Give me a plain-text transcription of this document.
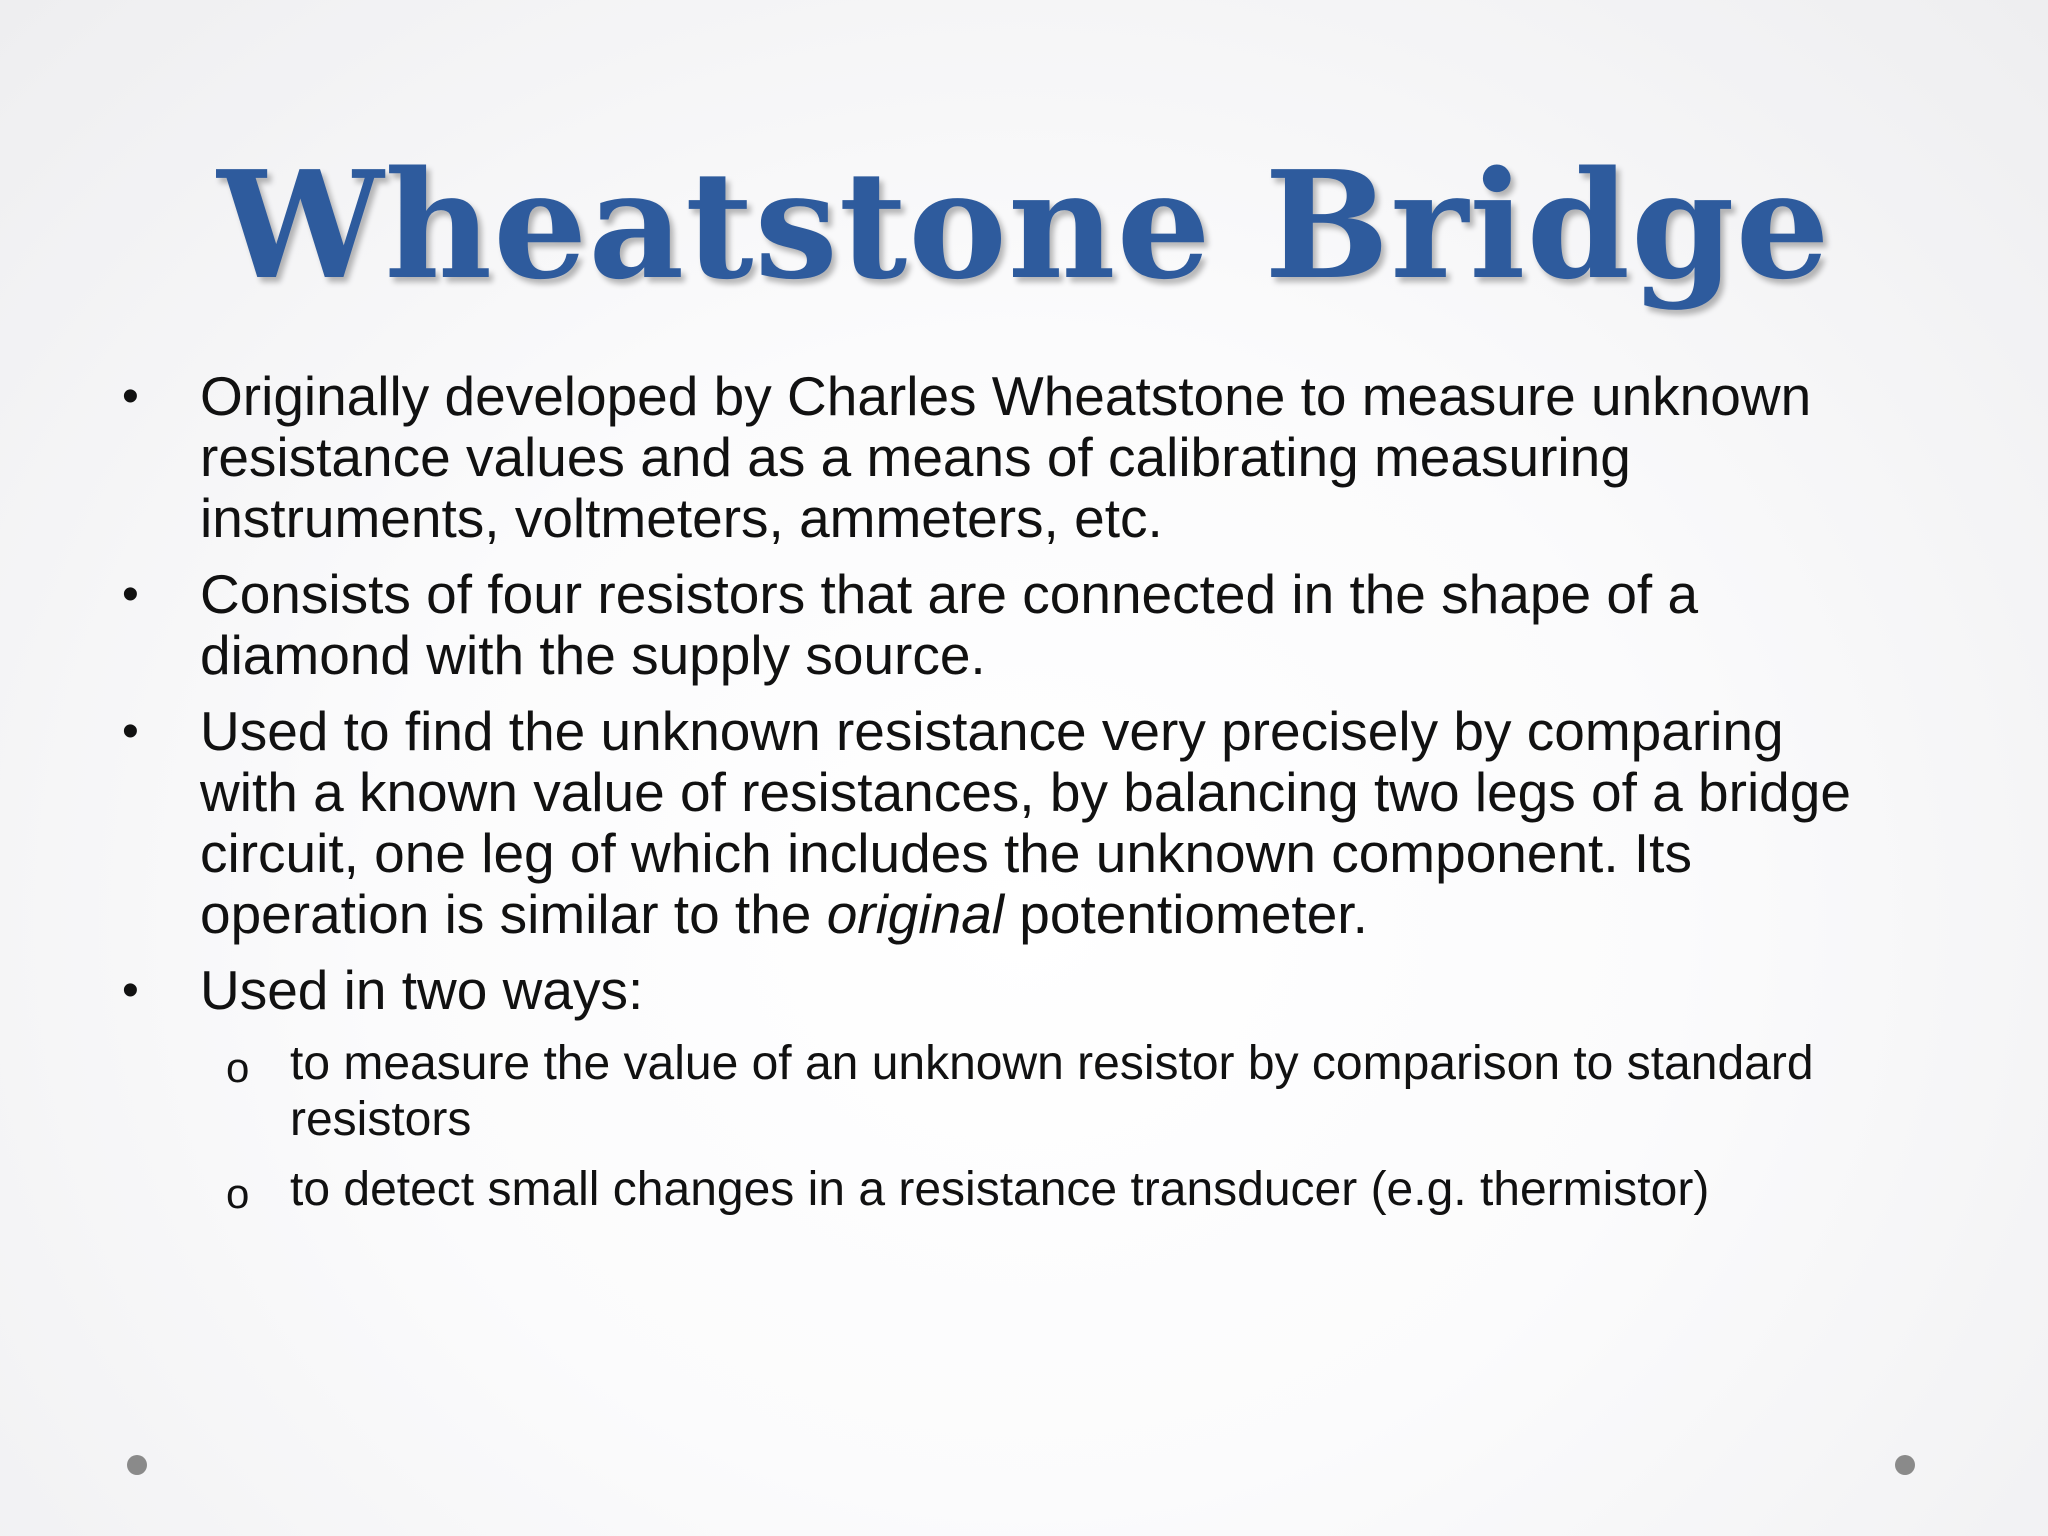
Wheatstone Bridge
• Originally developed by Charles Wheatstone to measure unknown
resistance values and as a means of calibrating measuring
instruments, voltmeters, ammeters, etc.
• Consists of four resistors that are connected in the shape of a
diamond with the supply source.
• Used to find the unknown resistance very precisely by comparing
with a known value of resistances, by balancing two legs of a bridge
circuit, one leg of which includes the unknown component. Its
operation is similar to the original potentiometer.
• Used in two ways:
o to measure the value of an unknown resistor by comparison to standard
resistors
o to detect small changes in a resistance transducer (e.g. thermistor)
